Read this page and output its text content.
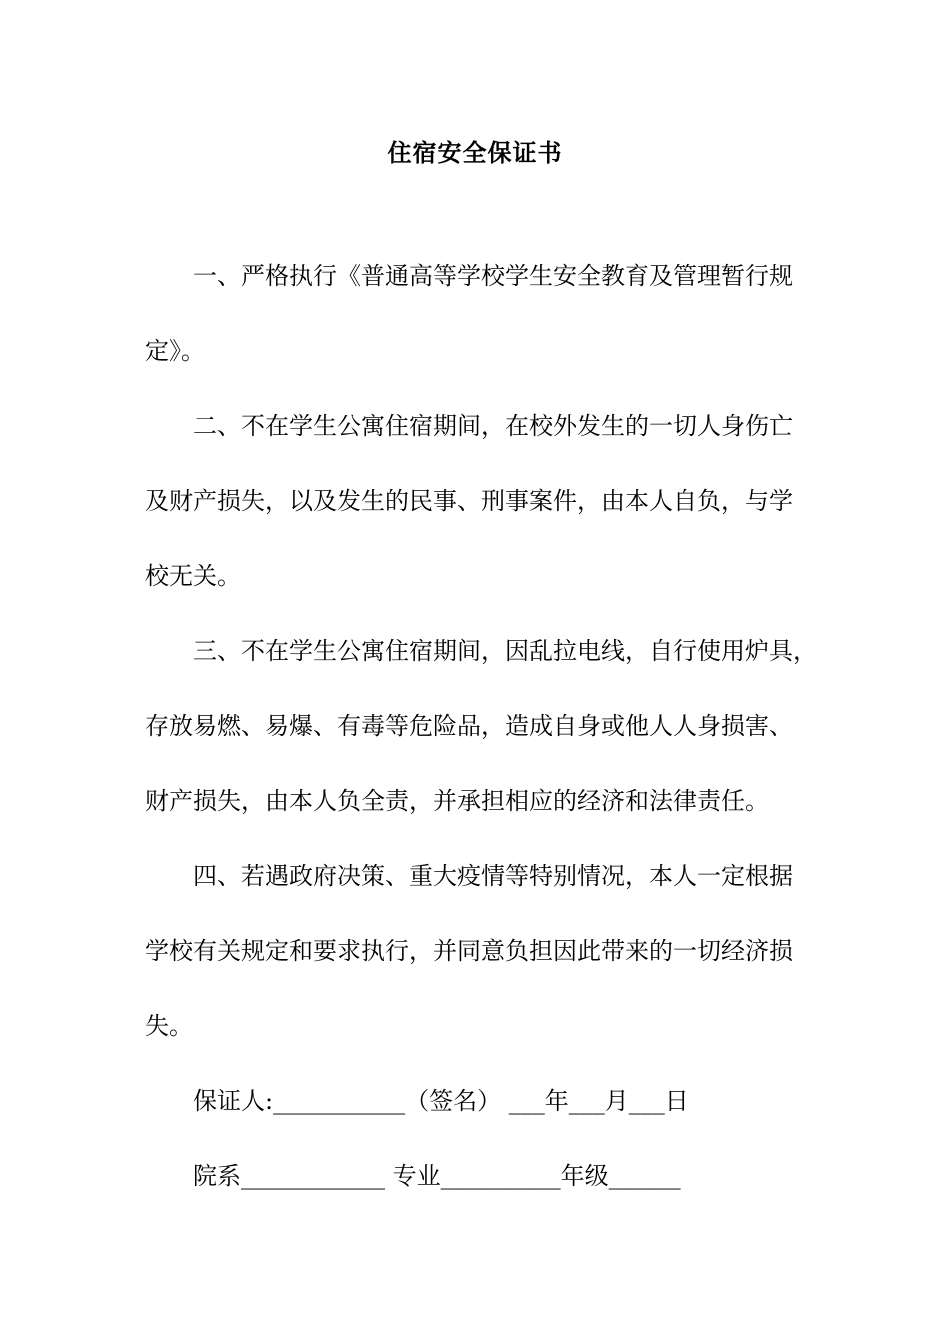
住宿安全保证书
一、严格执行《普通高等学校学生安全教育及管理暂行规
定》。
二、不在学生公寓住宿期间，在校外发生的一切人身伤亡
及财产损失，以及发生的民事、刑事案件，由本人自负，与学
校无关。
三、不在学生公寓住宿期间，因乱拉电线，自行使用炉具，
存放易燃、易爆、有毒等危险品，造成自身或他人人身损害、
财产损失，由本人负全责，并承担相应的经济和法律责任。
四、若遇政府决策、重大疫情等特别情况，本人一定根据
学校有关规定和要求执行，并同意负担因此带来的一切经济损
失。
保证人:___________（签名） ___年___月___日
院系____________ 专业__________年级______
